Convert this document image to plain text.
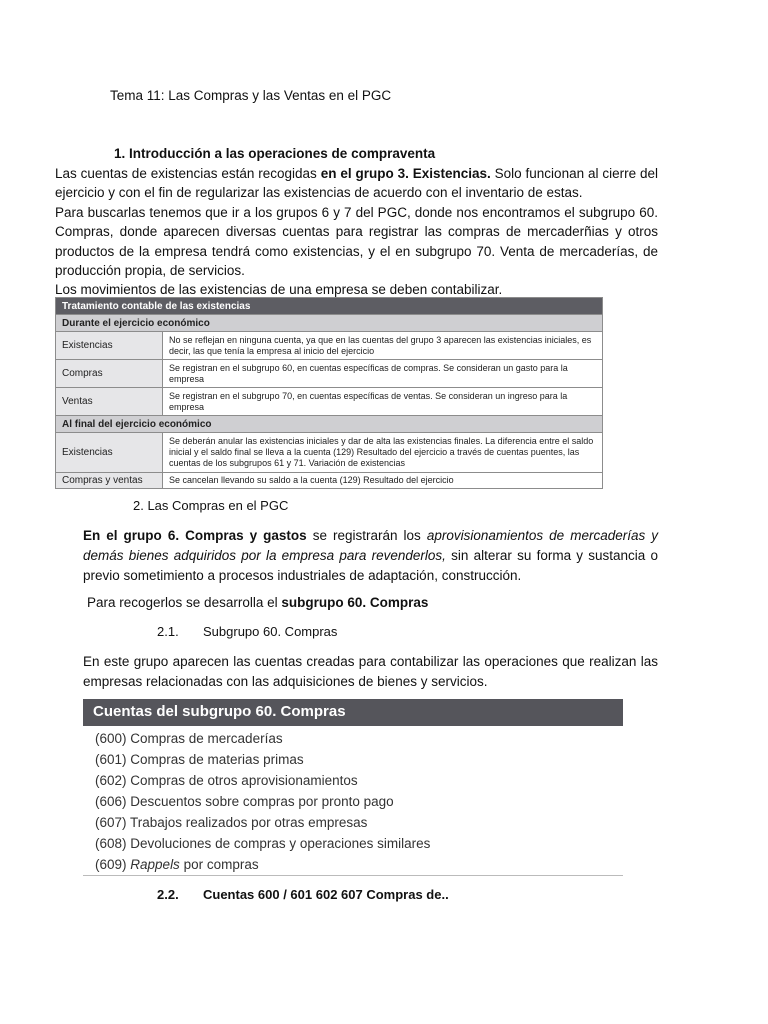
Tema 11: Las Compras y las Ventas en el PGC
1. Introducción a las operaciones de compraventa

Las cuentas de existencias están recogidas en el grupo 3. Existencias. Solo funcionan al cierre del ejercicio y con el fin de regularizar las existencias de acuerdo con el inventario de estas.

Para buscarlas tenemos que ir a los grupos 6 y 7 del PGC, donde nos encontramos el subgrupo 60. Compras, donde aparecen diversas cuentas para registrar las compras de mercaderñias y otros productos de la empresa tendrá como existencias, y el en subgrupo 70. Venta de mercaderías, de producción propia, de servicios.

Los movimientos de las existencias de una empresa se deben contabilizar.

Tratamiento contable de las existencias	
Durante el ejercicio económico	
Existencias	No se reflejan en ninguna cuenta, ya que en las cuentas del grupo 3 aparecen las existencias iniciales, es decir, las que tenía la empresa al inicio del ejercicio
Compras	Se registran en el subgrupo 60, en cuentas específicas de compras. Se consideran un gasto para la empresa
Ventas	Se registran en el subgrupo 70, en cuentas específicas de ventas. Se consideran un ingreso para la empresa
Al final del ejercicio económico	
Existencias	Se deberán anular las existencias iniciales y dar de alta las existencias finales. La diferencia entre el saldo inicial y el saldo final se lleva a la cuenta (129) Resultado del ejercicio a través de cuentas puentes, las cuentas de los subgrupos 61 y 71. Variación de existencias
Compras y ventas	Se cancelan llevando su saldo a la cuenta (129) Resultado del ejercicio
2. Las Compras en el PGC

En el grupo 6. Compras y gastos se registrarán los aprovisionamientos de mercaderías y demás bienes adquiridos por la empresa para revenderlos, sin alterar su forma y sustancia o previo sometimiento a procesos industriales de adaptación, construcción.

Para recogerlos se desarrolla el subgrupo 60. Compras
2.1. Subgrupo 60. Compras

En este grupo aparecen las cuentas creadas para contabilizar las operaciones que realizan las empresas relacionadas con las adquisiciones de bienes y servicios.

Cuentas del subgrupo 60. Compras
(600) Compras de mercaderías
(601) Compras de materias primas
(602) Compras de otros aprovisionamientos
(606) Descuentos sobre compras por pronto pago
(607) Trabajos realizados por otras empresas
(608) Devoluciones de compras y operaciones similares
(609) Rappels por compras
2.2. Cuentas 600 / 601 602 607 Compras de..
